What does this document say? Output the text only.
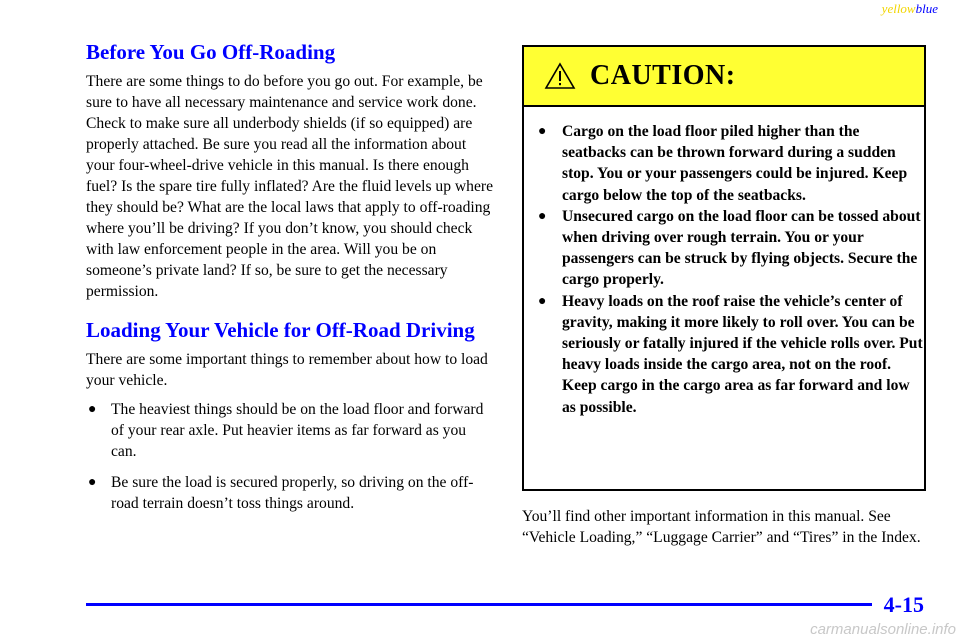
yellowblue
Before You Go Off-Roading

There are some things to do before you go out. For example, be sure to have all necessary maintenance and service work done. Check to make sure all underbody shields (if so equipped) are properly attached. Be sure you read all the information about your four-wheel-drive vehicle in this manual. Is there enough fuel? Is the spare tire fully inflated? Are the fluid levels up where they should be? What are the local laws that apply to off-roading where you’ll be driving? If you don’t know, you should check with law enforcement people in the area. Will you be on someone’s private land? If so, be sure to get the necessary permission.

Loading Your Vehicle for Off-Road Driving

There are some important things to remember about how to load your vehicle.

● The heaviest things should be on the load floor and forward of your rear axle. Put heavier items as far forward as you can.
● Be sure the load is secured properly, so driving on the off-road terrain doesn’t toss things around.
CAUTION:
● Cargo on the load floor piled higher than the seatbacks can be thrown forward during a sudden stop. You or your passengers could be injured. Keep cargo below the top of the seatbacks.
● Unsecured cargo on the load floor can be tossed about when driving over rough terrain. You or your passengers can be struck by flying objects. Secure the cargo properly.
● Heavy loads on the roof raise the vehicle’s center of gravity, making it more likely to roll over. You can be seriously or fatally injured if the vehicle rolls over. Put heavy loads inside the cargo area, not on the roof. Keep cargo in the cargo area as far forward and low as possible.

You’ll find other important information in this manual. See “Vehicle Loading,” “Luggage Carrier” and “Tires” in the Index.

4-15
carmanualsonline.info
